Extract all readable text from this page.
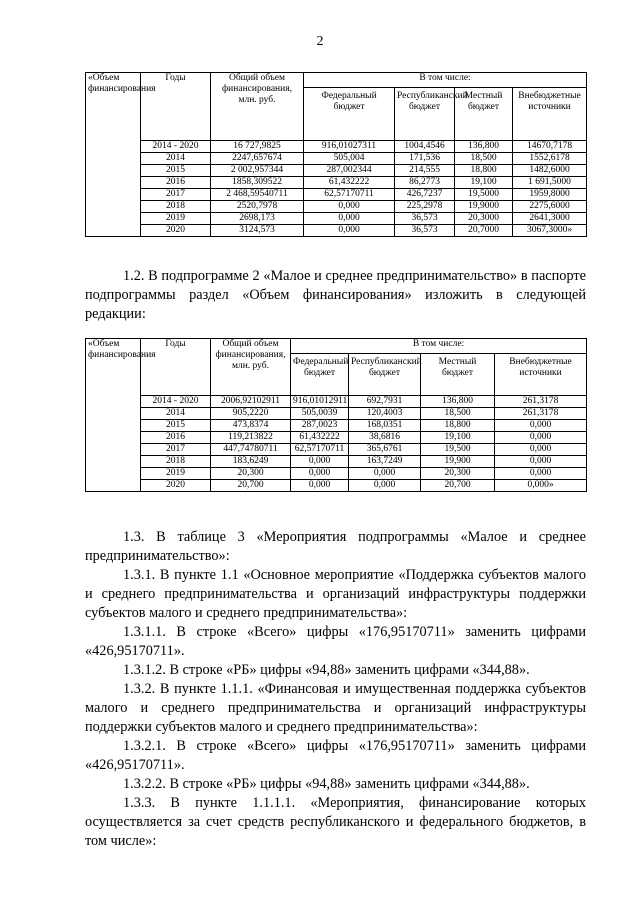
2
«Объем финансирования	Годы	Общий объем финансирования, млн. руб.	В том числе:			
			Федеральный бюджет	Республиканский бюджет	Местный бюджет	Внебюджетные источники
	2014 - 2020	16 727,9825	916,01027311	1004,4546	136,800	14670,7178
	2014	2247,657674	505,004	171,536	18,500	1552,6178
	2015	2 002,957344	287,002344	214,555	18,800	1482,6000
	2016	1858,309522	61,432222	86,2773	19,100	1 691,5000
	2017	2 468,59540711	62,57170711	426,7237	19,5000	1959,8000
	2018	2520,7978	0,000	225,2978	19,9000	2275,6000
	2019	2698,173	0,000	36,573	20,3000	2641,3000
	2020	3124,573	0,000	36,573	20,7000	3067,3000»

1.2. В подпрограмме 2 «Малое и среднее предпринимательство» в паспорте подпрограммы раздел «Объем финансирования» изложить в следующей редакции:

«Объем финансирования	Годы	Общий объем финансирования, млн. руб.	В том числе:			
			Федеральный бюджет	Республиканский бюджет	Местный бюджет	Внебюджетные источники
	2014 - 2020	2006,92102911	916,01012911	692,7931	136,800	261,3178
	2014	905,2220	505,0039	120,4003	18,500	261,3178
	2015	473,8374	287,0023	168,0351	18,800	0,000
	2016	119,213822	61,432222	38,6816	19,100	0,000
	2017	447,74780711	62,57170711	365,6761	19,500	0,000
	2018	183,6249	0,000	163,7249	19,900	0,000
	2019	20,300	0,000	0,000	20,300	0,000
	2020	20,700	0,000	0,000	20,700	0,000»

1.3. В таблице 3 «Мероприятия подпрограммы «Малое и среднее предпринимательство»:

1.3.1. В пункте 1.1 «Основное мероприятие «Поддержка субъектов малого и среднего предпринимательства и организаций инфраструктуры поддержки субъектов малого и среднего предпринимательства»:

1.3.1.1. В строке «Всего» цифры «176,95170711» заменить цифрами «426,95170711».

1.3.1.2. В строке «РБ» цифры «94,88» заменить цифрами «344,88».

1.3.2. В пункте 1.1.1. «Финансовая и имущественная поддержка субъектов малого и среднего предпринимательства и организаций инфраструктуры поддержки субъектов малого и среднего предпринимательства»:

1.3.2.1. В строке «Всего» цифры «176,95170711» заменить цифрами «426,95170711».

1.3.2.2. В строке «РБ» цифры «94,88» заменить цифрами «344,88».

1.3.3. В пункте 1.1.1.1. «Мероприятия, финансирование которых осуществляется за счет средств республиканского и федерального бюджетов, в том числе»:
